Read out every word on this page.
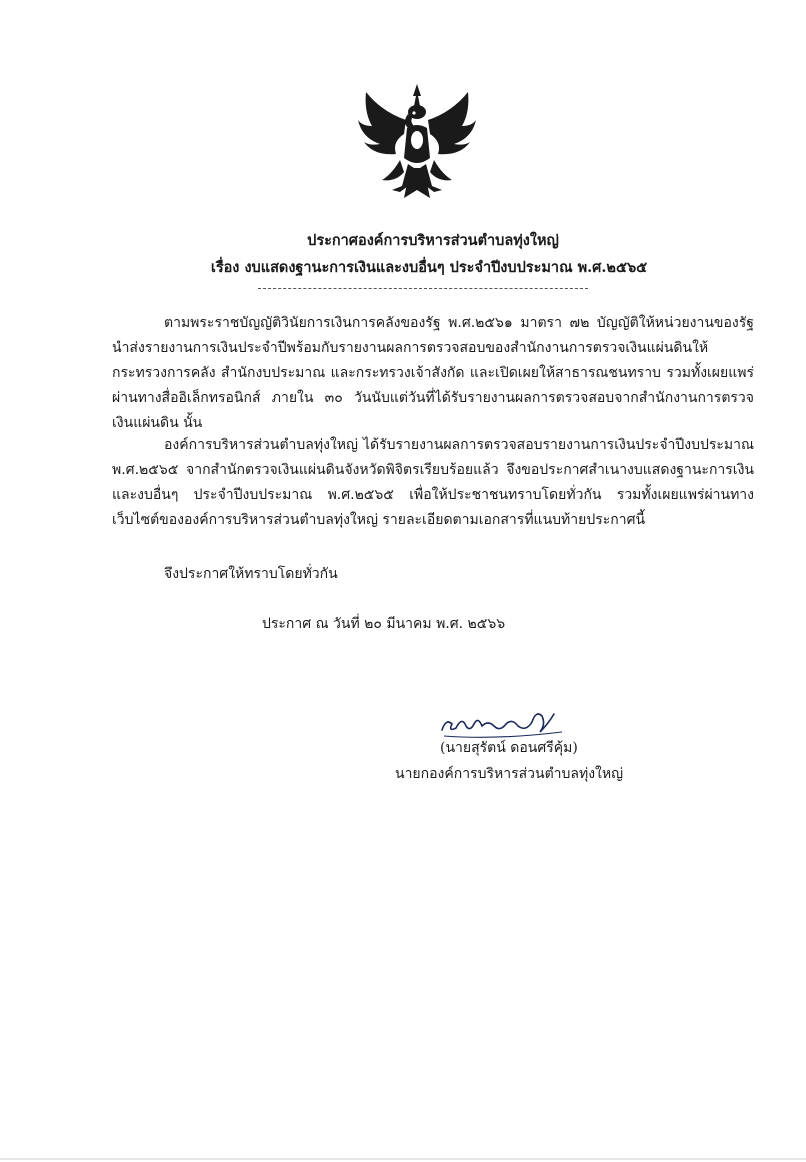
ประกาศองค์การบริหารส่วนตำบลทุ่งใหญ่
เรื่อง งบแสดงฐานะการเงินและงบอื่นๆ ประจำปีงบประมาณ พ.ศ.๒๕๖๕
ตามพระราชบัญญัติวินัยการเงินการคลังของรัฐ พ.ศ.๒๕๖๑ มาตรา ๗๒ บัญญัติให้หน่วยงานของรัฐนำส่งรายงานการเงินประจำปีพร้อมกับรายงานผลการตรวจสอบของสำนักงานการตรวจเงินแผ่นดินให้กระทรวงการคลัง สำนักงบประมาณ และกระทรวงเจ้าสังกัด และเปิดเผยให้สาธารณชนทราบ รวมทั้งเผยแพร่ผ่านทางสื่ออิเล็กทรอนิกส์ ภายใน ๓๐ วันนับแต่วันที่ได้รับรายงานผลการตรวจสอบจากสำนักงานการตรวจเงินแผ่นดิน นั้น
องค์การบริหารส่วนตำบลทุ่งใหญ่ ได้รับรายงานผลการตรวจสอบรายงานการเงินประจำปีงบประมาณ พ.ศ.๒๕๖๕ จากสำนักตรวจเงินแผ่นดินจังหวัดพิจิตรเรียบร้อยแล้ว จึงขอประกาศสำเนางบแสดงฐานะการเงินและงบอื่นๆ ประจำปีงบประมาณ พ.ศ.๒๕๖๕ เพื่อให้ประชาชนทราบโดยทั่วกัน รวมทั้งเผยแพร่ผ่านทางเว็บไซต์ขององค์การบริหารส่วนตำบลทุ่งใหญ่ รายละเอียดตามเอกสารที่แนบท้ายประกาศนี้
จึงประกาศให้ทราบโดยทั่วกัน
ประกาศ ณ วันที่ ๒๐ มีนาคม พ.ศ. ๒๕๖๖
(นายสุรัตน์ ดอนศรีคุ้ม)
นายกองค์การบริหารส่วนตำบลทุ่งใหญ่
